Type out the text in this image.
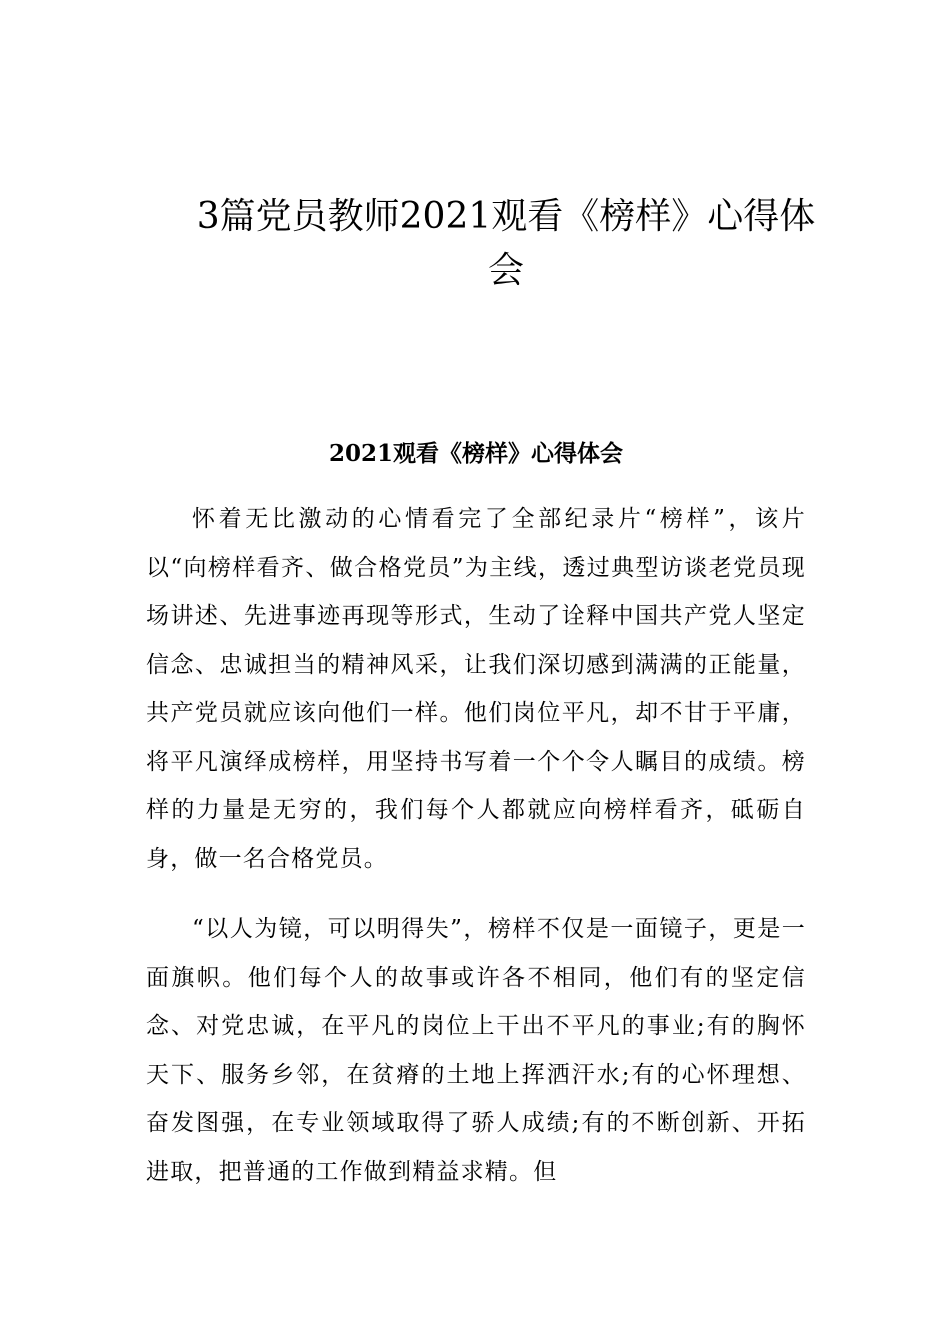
3篇党员教师2021观看《榜样》心得体会
2021观看《榜样》心得体会

怀着无比激动的心情看完了全部纪录片“榜样”，该片以“向榜样看齐、做合格党员”为主线，透过典型访谈老党员现场讲述、先进事迹再现等形式，生动了诠释中国共产党人坚定信念、忠诚担当的精神风采，让我们深切感到满满的正能量，共产党员就应该向他们一样。他们岗位平凡，却不甘于平庸，将平凡演绎成榜样，用坚持书写着一个个令人瞩目的成绩。榜样的力量是无穷的，我们每个人都就应向榜样看齐，砥砺自身，做一名合格党员。

“以人为镜，可以明得失”，榜样不仅是一面镜子，更是一面旗帜。他们每个人的故事或许各不相同，他们有的坚定信念、对党忠诚，在平凡的岗位上干出不平凡的事业;有的胸怀天下、服务乡邻，在贫瘠的土地上挥洒汗水;有的心怀理想、奋发图强，在专业领域取得了骄人成绩;有的不断创新、开拓进取，把普通的工作做到精益求精。但
